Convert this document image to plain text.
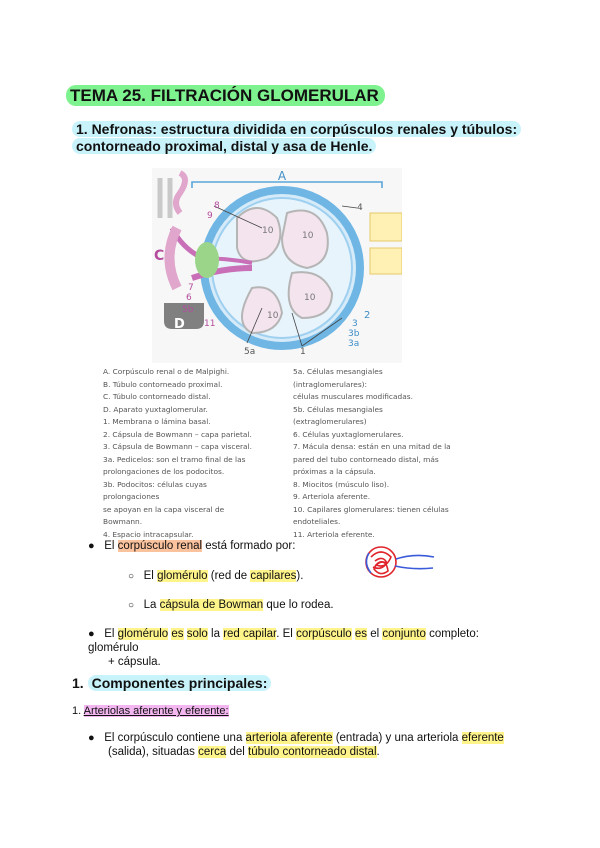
TEMA 25. FILTRACIÓN GLOMERULAR
1. Nefronas: estructura dividida en corpúsculos renales y túbulos:
contorneado proximal, distal y asa de Henle.
A
C
D
10	10
10
10
8
9
4
7
6
5b
11
2
3
3b
3a
5a	1
A. Corpúsculo renal o de Malpighi.
B. Túbulo contorneado proximal.
C. Túbulo contorneado distal.
D. Aparato yuxtaglomerular.
1. Membrana o lámina basal.
2. Cápsula de Bowmann – capa parietal.
3. Cápsula de Bowmann – capa visceral.
3a. Pedicelos: son el tramo final de las
prolongaciones de los podocitos.
3b. Podocitos: células cuyas prolongaciones
se apoyan en la capa visceral de Bowmann.
4. Espacio intracapsular.
5a. Células mesangiales (intraglomerulares):
células musculares modificadas.
5b. Células mesangiales (extraglomerulares)
6. Células yuxtaglomerulares.
7. Mácula densa: están en una mitad de la
pared del tubo contorneado distal, más
próximas a la cápsula.
8. Miocitos (músculo liso).
9. Arteriola aferente.
10. Capilares glomerulares: tienen células
endoteliales.
11. Arteriola eferente.
● El corpúsculo renal está formado por:
○ El glomérulo (red de capilares).
○ La cápsula de Bowman que lo rodea.
● El glomérulo es solo la red capilar. El corpúsculo es el conjunto completo: glomérulo
+ cápsula.
1. Componentes principales:
1. Arteriolas aferente y eferente:
● El corpúsculo contiene una arteriola aferente (entrada) y una arteriola eferente
(salida), situadas cerca del túbulo contorneado distal.
